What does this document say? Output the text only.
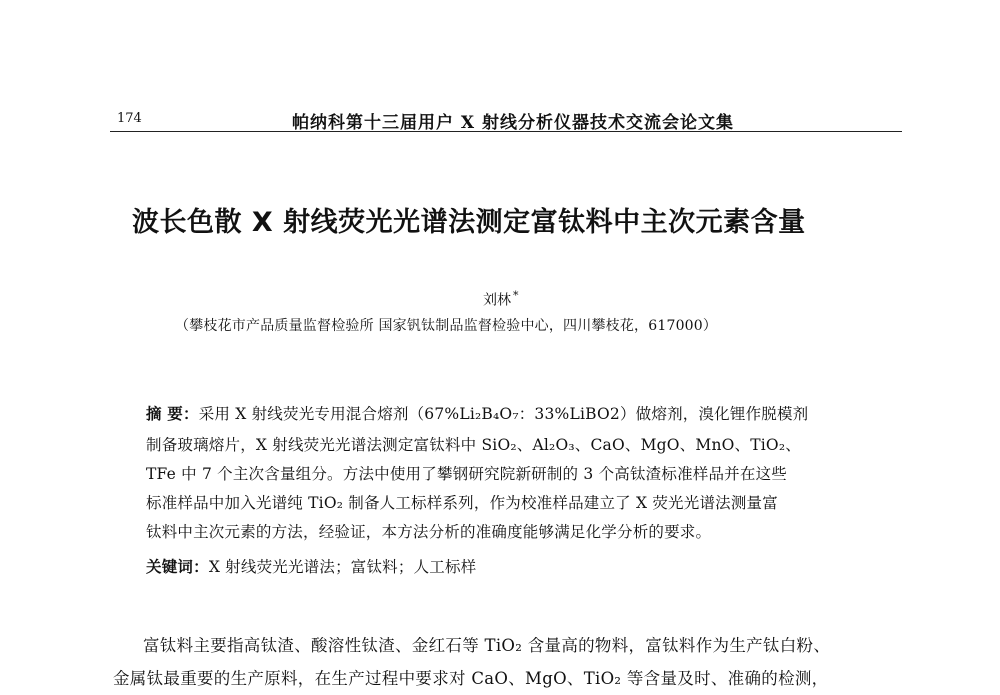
174	帕纳科第十三届用户 X 射线分析仪器技术交流会论文集
波长色散 X 射线荧光光谱法测定富钛料中主次元素含量
刘林 *
（攀枝花市产品质量监督检验所 国家钒钛制品监督检验中心，四川攀枝花，617000）
摘 要：采用 X 射线荧光专用混合熔剂（67%Li₂B₄O₇：33%LiBO2）做熔剂，溴化锂作脱模剂
制备玻璃熔片，X 射线荧光光谱法测定富钛料中 SiO₂、Al₂O₃、CaO、MgO、MnO、TiO₂、
TFe 中 7 个主次含量组分。方法中使用了攀钢研究院新研制的 3 个高钛渣标准样品并在这些
标准样品中加入光谱纯 TiO₂ 制备人工标样系列，作为校准样品建立了 X 荧光光谱法测量富
钛料中主次元素的方法，经验证，本方法分析的准确度能够满足化学分析的要求。
关键词：X 射线荧光光谱法；富钛料；人工标样
富钛料主要指高钛渣、酸溶性钛渣、金红石等 TiO₂ 含量高的物料，富钛料作为生产钛白粉、
金属钛最重要的生产原料，在生产过程中要求对 CaO、MgO、TiO₂ 等含量及时、准确的检测，
